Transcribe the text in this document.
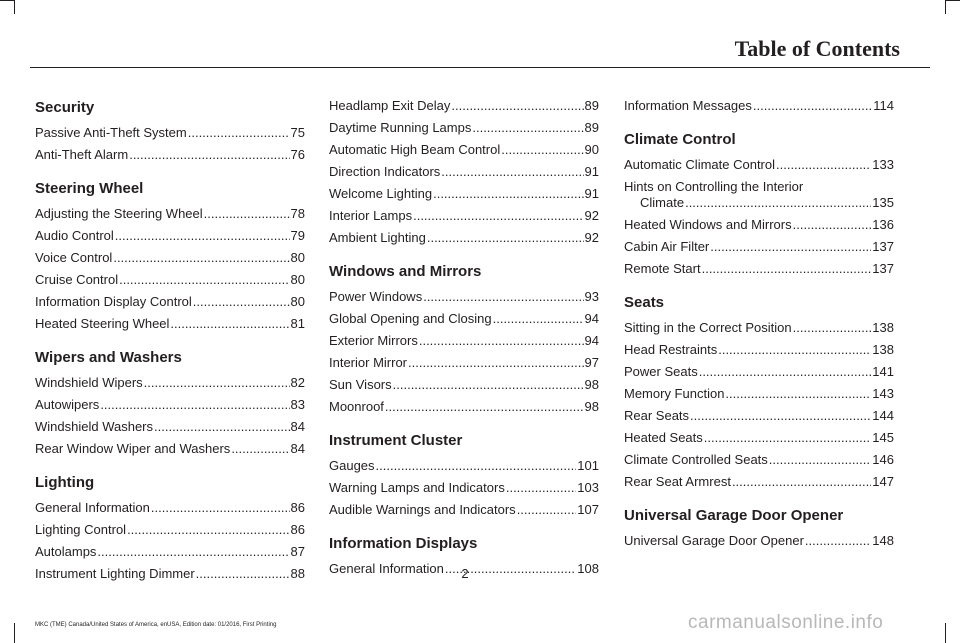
Table of Contents
Security
Passive Anti-Theft System .....	75
Anti-Theft Alarm .....	76
Steering Wheel
Adjusting the Steering Wheel .....	78
Audio Control .....	79
Voice Control .....	80
Cruise Control .....	80
Information Display Control .....	80
Heated Steering Wheel .....	81
Wipers and Washers
Windshield Wipers .....	82
Autowipers .....	83
Windshield Washers .....	84
Rear Window Wiper and Washers .....	84
Lighting
General Information .....	86
Lighting Control .....	86
Autolamps .....	87
Instrument Lighting Dimmer .....	88
Headlamp Exit Delay .....	89
Daytime Running Lamps .....	89
Automatic High Beam Control .....	90
Direction Indicators .....	91
Welcome Lighting .....	91
Interior Lamps .....	92
Ambient Lighting .....	92
Windows and Mirrors
Power Windows .....	93
Global Opening and Closing .....	94
Exterior Mirrors .....	94
Interior Mirror .....	97
Sun Visors .....	98
Moonroof .....	98
Instrument Cluster
Gauges .....	101
Warning Lamps and Indicators .....	103
Audible Warnings and Indicators .....	107
Information Displays
General Information .....	108
Information Messages .....	114
Climate Control
Automatic Climate Control .....	133
Hints on Controlling the Interior
Climate .....	135
Heated Windows and Mirrors .....	136
Cabin Air Filter .....	137
Remote Start .....	137
Seats
Sitting in the Correct Position .....	138
Head Restraints .....	138
Power Seats .....	141
Memory Function .....	143
Rear Seats .....	144
Heated Seats .....	145
Climate Controlled Seats .....	146
Rear Seat Armrest .....	147
Universal Garage Door Opener
Universal Garage Door Opener .....	148
2
MKC (TME) Canada/United States of America, enUSA, Edition date: 01/2016, First Printing	carmanualsonline.info
